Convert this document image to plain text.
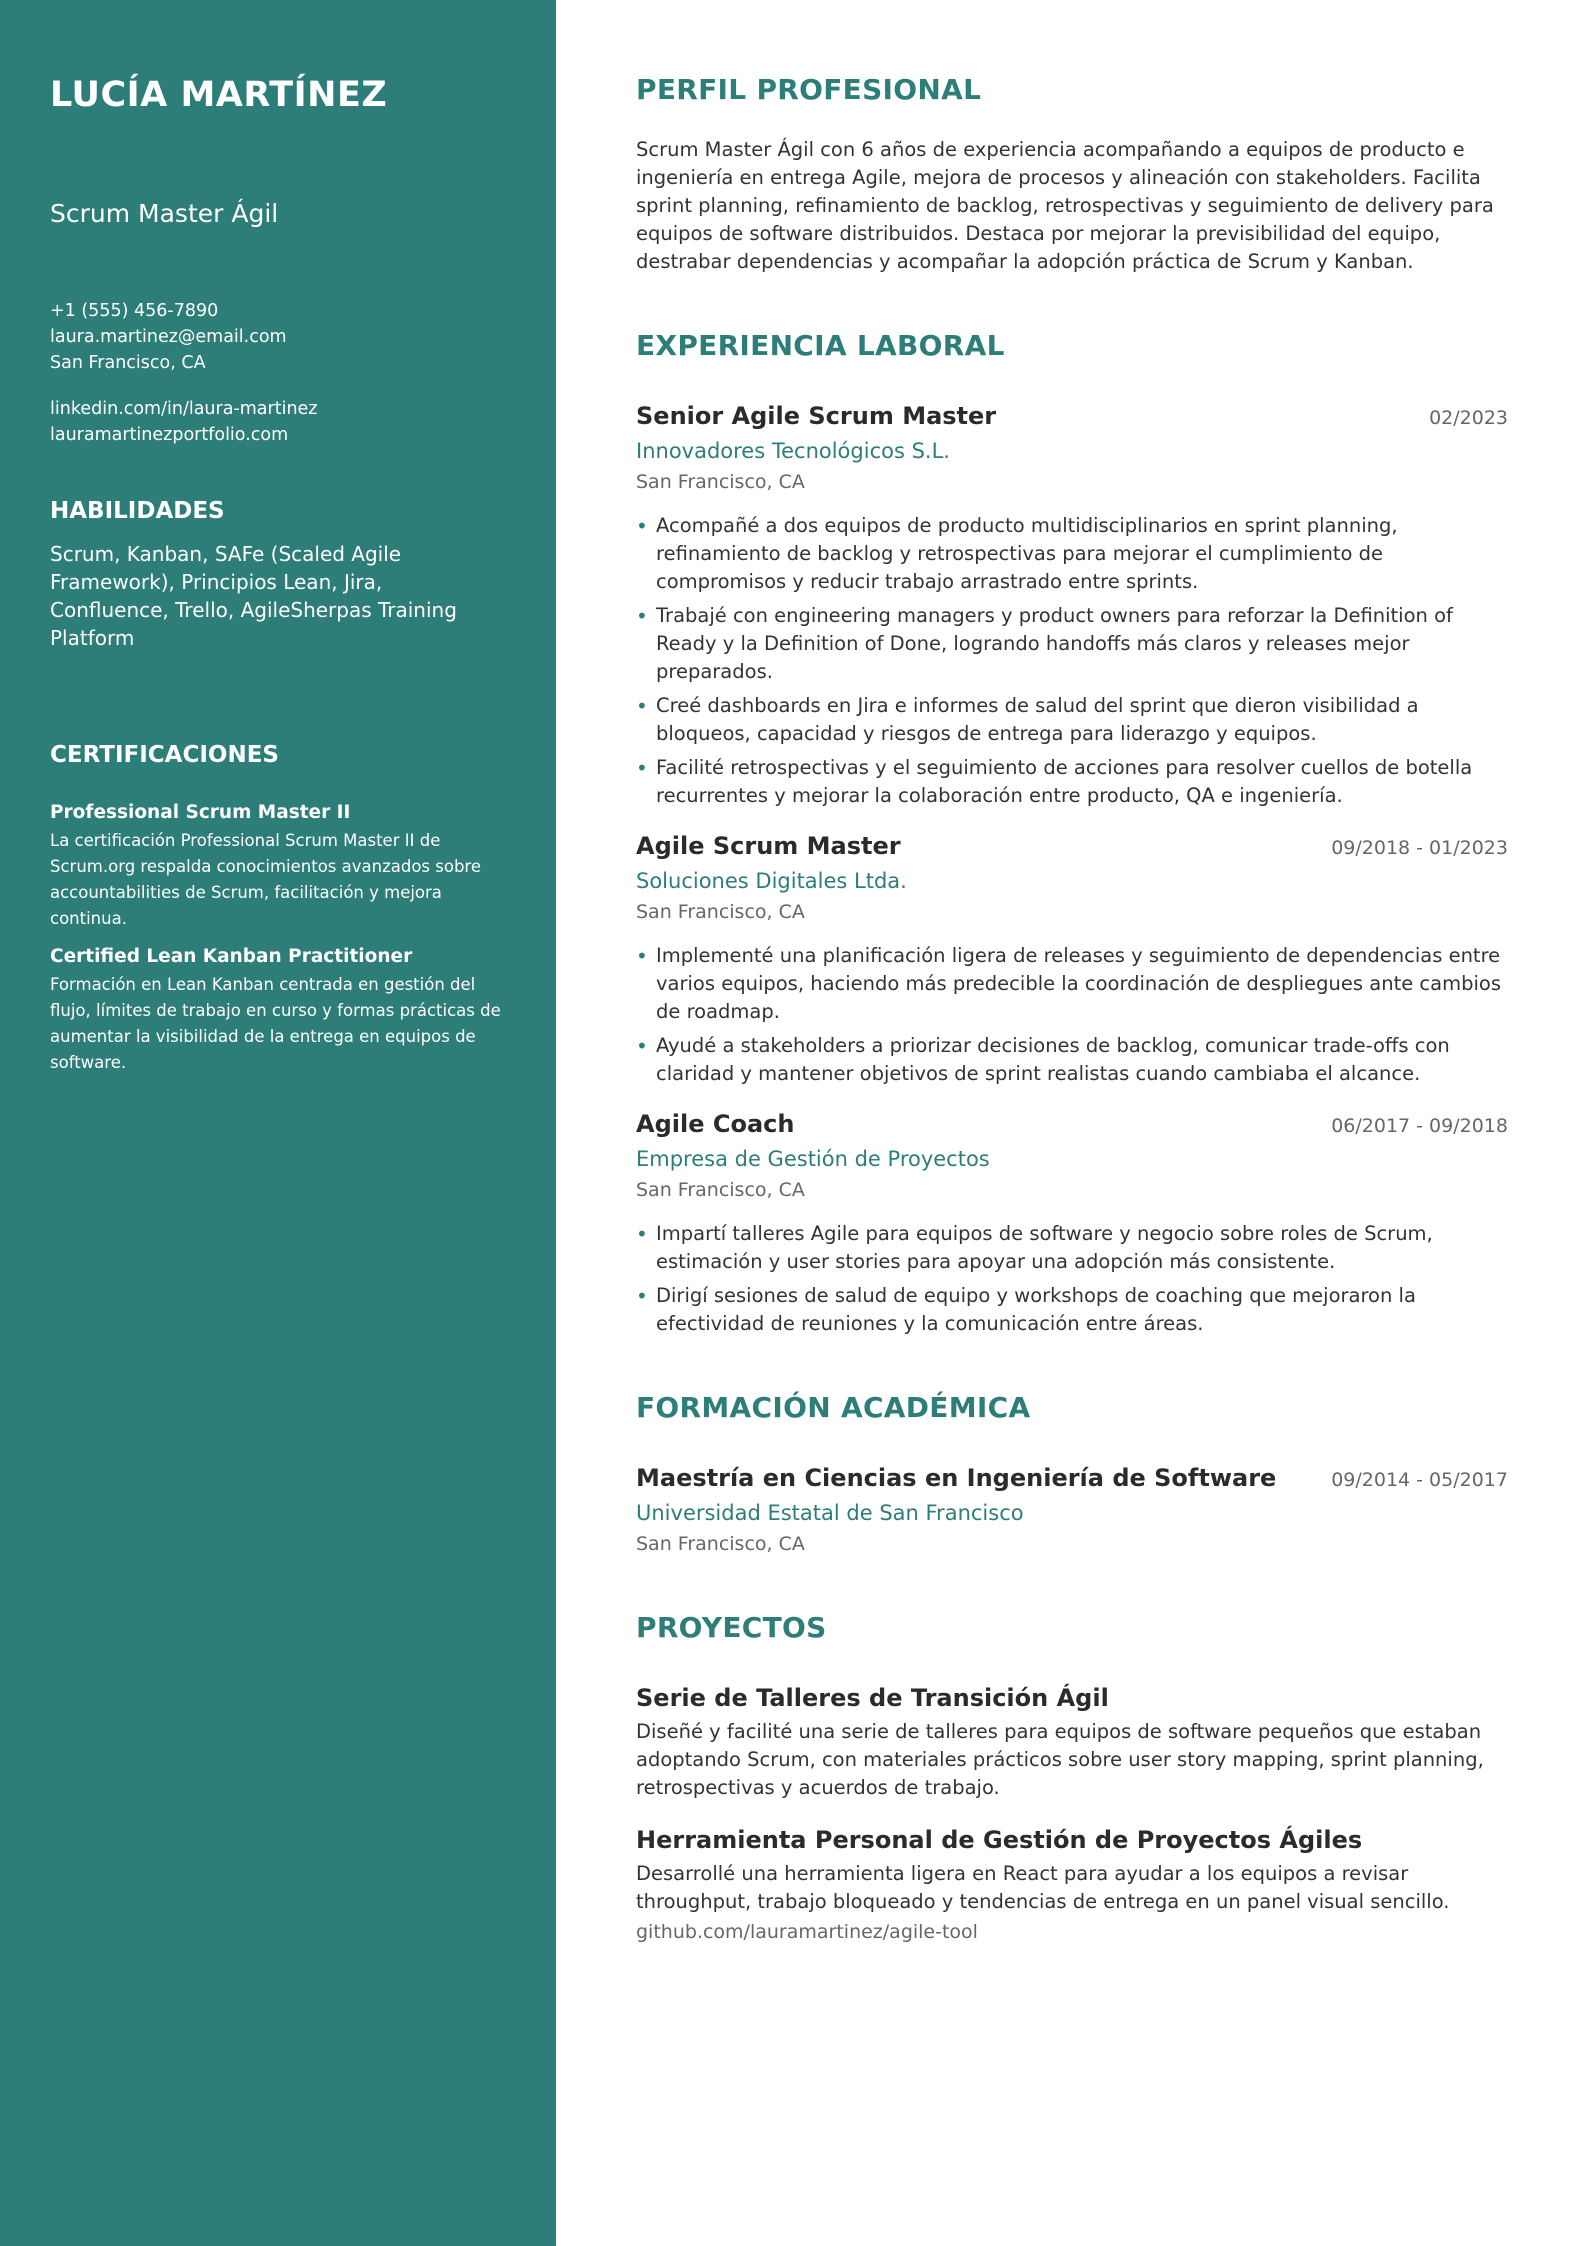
LUCÍA MARTÍNEZ
Scrum Master Ágil
+1 (555) 456-7890
laura.martinez@email.com
San Francisco, CA
linkedin.com/in/laura-martinez
lauramartinezportfolio.com
HABILIDADES
Scrum, Kanban, SAFe (Scaled Agile Framework), Principios Lean, Jira, Confluence, Trello, AgileSherpas Training Platform
CERTIFICACIONES
Professional Scrum Master II
La certificación Professional Scrum Master II de Scrum.org respalda conocimientos avanzados sobre accountabilities de Scrum, facilitación y mejora continua.
Certified Lean Kanban Practitioner
Formación en Lean Kanban centrada en gestión del flujo, límites de trabajo en curso y formas prácticas de aumentar la visibilidad de la entrega en equipos de software.
PERFIL PROFESIONAL
Scrum Master Ágil con 6 años de experiencia acompañando a equipos de producto e ingeniería en entrega Agile, mejora de procesos y alineación con stakeholders. Facilita sprint planning, refinamiento de backlog, retrospectivas y seguimiento de delivery para equipos de software distribuidos. Destaca por mejorar la previsibilidad del equipo, destrabar dependencias y acompañar la adopción práctica de Scrum y Kanban.
EXPERIENCIA LABORAL
Senior Agile Scrum Master	02/2023
Innovadores Tecnológicos S.L.
San Francisco, CA
• Acompañé a dos equipos de producto multidisciplinarios en sprint planning, refinamiento de backlog y retrospectivas para mejorar el cumplimiento de compromisos y reducir trabajo arrastrado entre sprints.
• Trabajé con engineering managers y product owners para reforzar la Definition of Ready y la Definition of Done, logrando handoffs más claros y releases mejor preparados.
• Creé dashboards en Jira e informes de salud del sprint que dieron visibilidad a bloqueos, capacidad y riesgos de entrega para liderazgo y equipos.
• Facilité retrospectivas y el seguimiento de acciones para resolver cuellos de botella recurrentes y mejorar la colaboración entre producto, QA e ingeniería.
Agile Scrum Master	09/2018 - 01/2023
Soluciones Digitales Ltda.
San Francisco, CA
• Implementé una planificación ligera de releases y seguimiento de dependencias entre varios equipos, haciendo más predecible la coordinación de despliegues ante cambios de roadmap.
• Ayudé a stakeholders a priorizar decisiones de backlog, comunicar trade-offs con claridad y mantener objetivos de sprint realistas cuando cambiaba el alcance.
Agile Coach	06/2017 - 09/2018
Empresa de Gestión de Proyectos
San Francisco, CA
• Impartí talleres Agile para equipos de software y negocio sobre roles de Scrum, estimación y user stories para apoyar una adopción más consistente.
• Dirigí sesiones de salud de equipo y workshops de coaching que mejoraron la efectividad de reuniones y la comunicación entre áreas.
FORMACIÓN ACADÉMICA
Maestría en Ciencias en Ingeniería de Software	09/2014 - 05/2017
Universidad Estatal de San Francisco
San Francisco, CA
PROYECTOS
Serie de Talleres de Transición Ágil
Diseñé y facilité una serie de talleres para equipos de software pequeños que estaban adoptando Scrum, con materiales prácticos sobre user story mapping, sprint planning, retrospectivas y acuerdos de trabajo.
Herramienta Personal de Gestión de Proyectos Ágiles
Desarrollé una herramienta ligera en React para ayudar a los equipos a revisar throughput, trabajo bloqueado y tendencias de entrega en un panel visual sencillo.
github.com/lauramartinez/agile-tool
